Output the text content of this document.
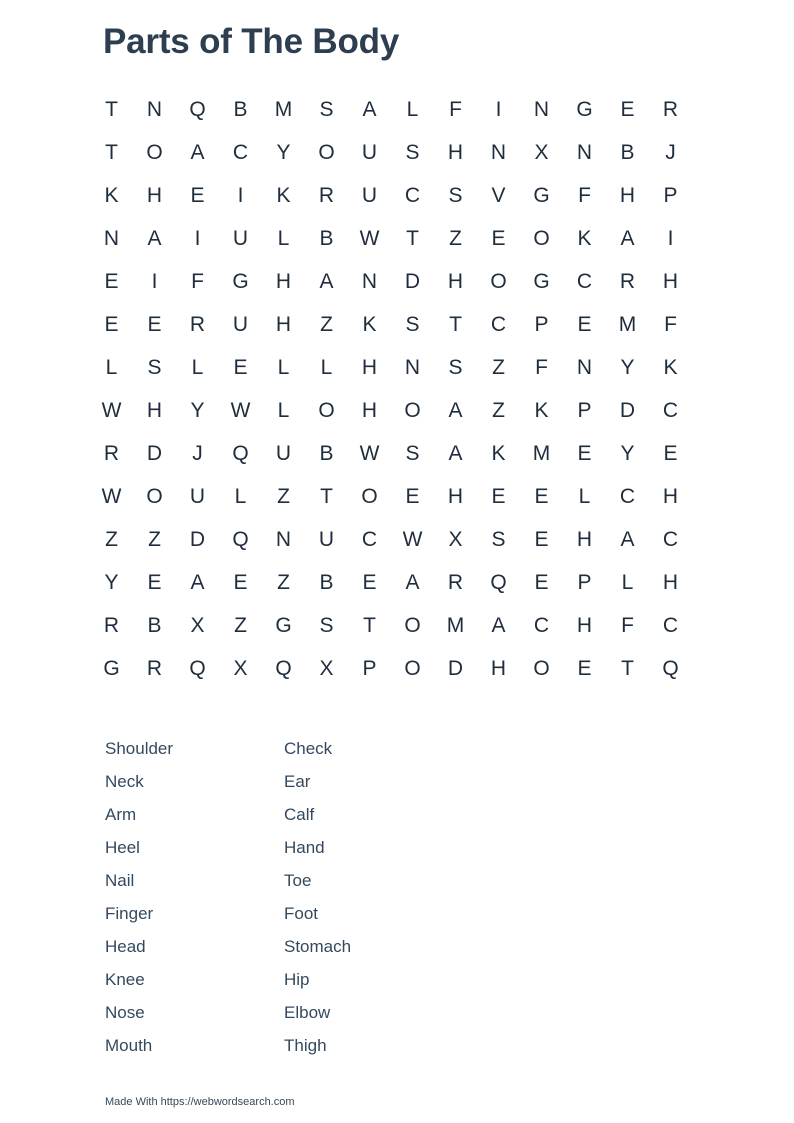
Parts of The Body
T	N	Q	B	M	S	A	L	F	I	N	G	E	R
T	O	A	C	Y	O	U	S	H	N	X	N	B	J
K	H	E	I	K	R	U	C	S	V	G	F	H	P
N	A	I	U	L	B	W	T	Z	E	O	K	A	I
E	I	F	G	H	A	N	D	H	O	G	C	R	H
E	E	R	U	H	Z	K	S	T	C	P	E	M	F
L	S	L	E	L	L	H	N	S	Z	F	N	Y	K
W	H	Y	W	L	O	H	O	A	Z	K	P	D	C
R	D	J	Q	U	B	W	S	A	K	M	E	Y	E
W	O	U	L	Z	T	O	E	H	E	E	L	C	H
Z	Z	D	Q	N	U	C	W	X	S	E	H	A	C
Y	E	A	E	Z	B	E	A	R	Q	E	P	L	H
R	B	X	Z	G	S	T	O	M	A	C	H	F	C
G	R	Q	X	Q	X	P	O	D	H	O	E	T	Q
Shoulder
Neck
Arm
Heel
Nail
Finger
Head
Knee
Nose
Mouth
Check
Ear
Calf
Hand
Toe
Foot
Stomach
Hip
Elbow
Thigh
Made With https://webwordsearch.com
